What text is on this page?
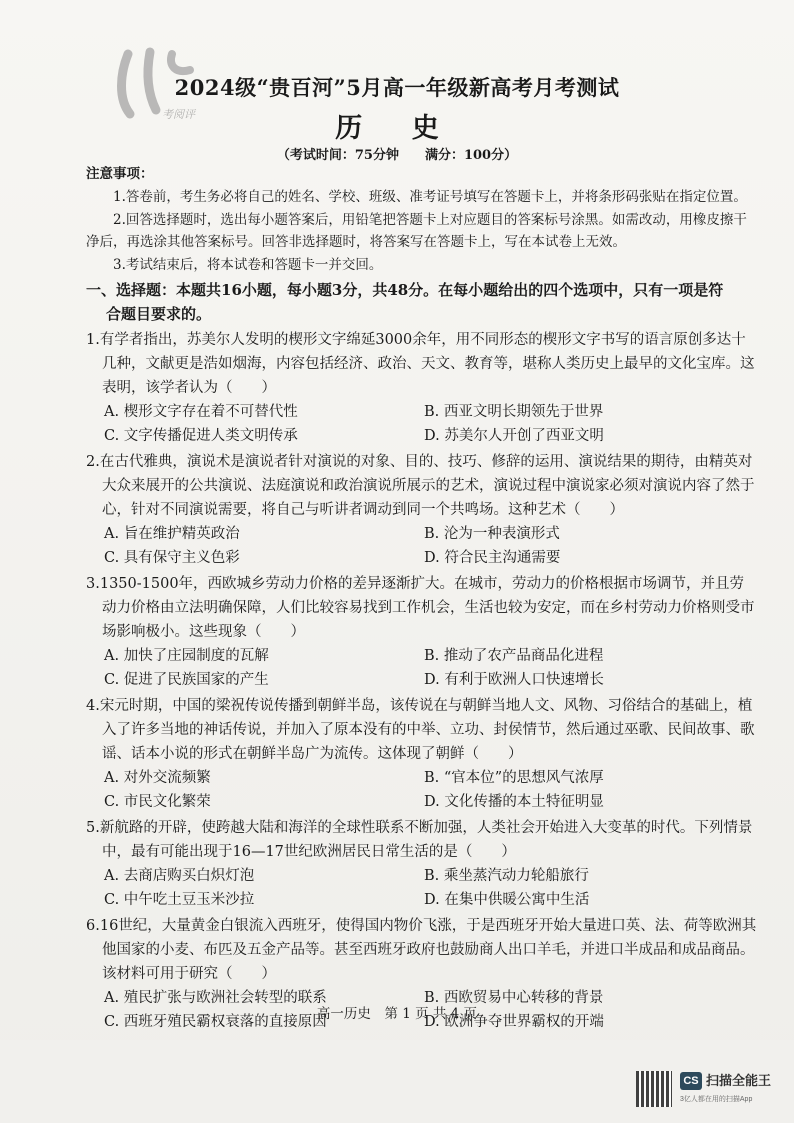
考阅评
2024级“贵百河”5月高一年级新高考月考测试
历 史
（考试时间：75分钟　　满分：100分）
注意事项：
1.答卷前，考生务必将自己的姓名、学校、班级、准考证号填写在答题卡上，并将条形码张贴在指定位置。
2.回答选择题时，选出每小题答案后，用铅笔把答题卡上对应题目的答案标号涂黑。如需改动，用橡皮擦干净后，再选涂其他答案标号。回答非选择题时，将答案写在答题卡上，写在本试卷上无效。
3.考试结束后，将本试卷和答题卡一并交回。
一、选择题：本题共16小题，每小题3分，共48分。在每小题给出的四个选项中，只有一项是符
合题目要求的。
1.有学者指出，苏美尔人发明的楔形文字绵延3000余年，用不同形态的楔形文字书写的语言原创多达十几种，文献更是浩如烟海，内容包括经济、政治、天文、教育等，堪称人类历史上最早的文化宝库。这表明，该学者认为（　　）
A. 楔形文字存在着不可替代性	B. 西亚文明长期领先于世界
C. 文字传播促进人类文明传承	D. 苏美尔人开创了西亚文明
2.在古代雅典，演说术是演说者针对演说的对象、目的、技巧、修辞的运用、演说结果的期待，由精英对大众来展开的公共演说、法庭演说和政治演说所展示的艺术，演说过程中演说家必须对演说内容了然于心，针对不同演说需要，将自己与听讲者调动到同一个共鸣场。这种艺术（　　）
A. 旨在维护精英政治	B. 沦为一种表演形式
C. 具有保守主义色彩	D. 符合民主沟通需要
3.1350-1500年，西欧城乡劳动力价格的差异逐渐扩大。在城市，劳动力的价格根据市场调节，并且劳动力价格由立法明确保障，人们比较容易找到工作机会，生活也较为安定，而在乡村劳动力价格则受市场影响极小。这些现象（　　）
A. 加快了庄园制度的瓦解	B. 推动了农产品商品化进程
C. 促进了民族国家的产生	D. 有利于欧洲人口快速增长
4.宋元时期，中国的梁祝传说传播到朝鲜半岛，该传说在与朝鲜当地人文、风物、习俗结合的基础上，植入了许多当地的神话传说，并加入了原本没有的中举、立功、封侯情节，然后通过巫歌、民间故事、歌谣、话本小说的形式在朝鲜半岛广为流传。这体现了朝鲜（　　）
A. 对外交流频繁	B. “官本位”的思想风气浓厚
C. 市民文化繁荣	D. 文化传播的本土特征明显
5.新航路的开辟，使跨越大陆和海洋的全球性联系不断加强，人类社会开始进入大变革的时代。下列情景中，最有可能出现于16—17世纪欧洲居民日常生活的是（　　）
A. 去商店购买白炽灯泡	B. 乘坐蒸汽动力轮船旅行
C. 中午吃土豆玉米沙拉	D. 在集中供暖公寓中生活
6.16世纪，大量黄金白银流入西班牙，使得国内物价飞涨，于是西班牙开始大量进口英、法、荷等欧洲其他国家的小麦、布匹及五金产品等。甚至西班牙政府也鼓励商人出口羊毛，并进口半成品和成品商品。该材料可用于研究（　　）
A. 殖民扩张与欧洲社会转型的联系	B. 西欧贸易中心转移的背景
C. 西班牙殖民霸权衰落的直接原因	D. 欧洲争夺世界霸权的开端
高一历史　第 1 页 共 4 页
CS 扫描全能王
3亿人都在用的扫描App
